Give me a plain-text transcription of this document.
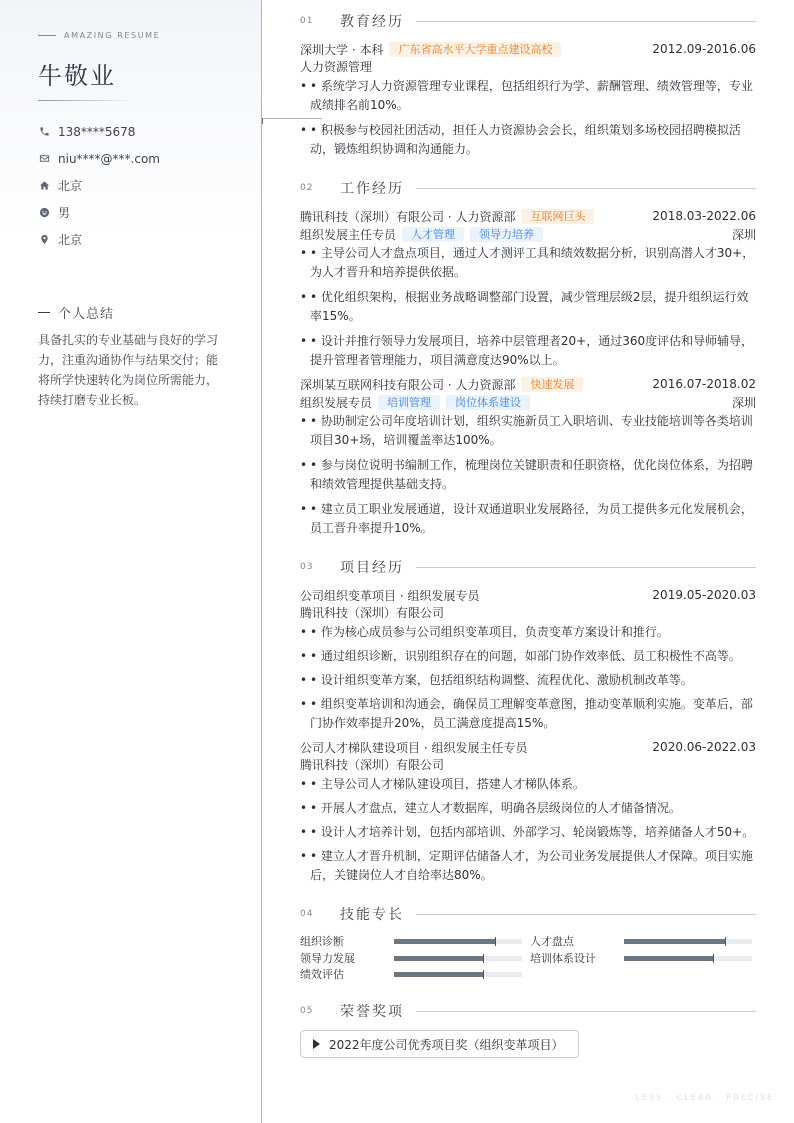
AMAZING RESUME
牛敬业
138****5678
niu****@***.com
北京
男
北京
个人总结
具备扎实的专业基础与良好的学习力，注重沟通协作与结果交付；能将所学快速转化为岗位所需能力，持续打磨专业长板。
01	教育经历
深圳大学 · 本科	广东省高水平大学重点建设高校	2012.09-2016.06
人力资源管理
• • 系统学习人力资源管理专业课程，包括组织行为学、薪酬管理、绩效管理等，专业成绩排名前10%。
• • 积极参与校园社团活动，担任人力资源协会会长，组织策划多场校园招聘模拟活动，锻炼组织协调和沟通能力。
02	工作经历
腾讯科技（深圳）有限公司 · 人力资源部	互联网巨头	2018.03-2022.06
组织发展主任专员	人才管理	领导力培养	深圳
• • 主导公司人才盘点项目，通过人才测评工具和绩效数据分析，识别高潜人才30+，为人才晋升和培养提供依据。
• • 优化组织架构，根据业务战略调整部门设置，减少管理层级2层，提升组织运行效率15%。
• • 设计并推行领导力发展项目，培养中层管理者20+，通过360度评估和导师辅导，提升管理者管理能力，项目满意度达90%以上。
深圳某互联网科技有限公司 · 人力资源部	快速发展	2016.07-2018.02
组织发展专员	培训管理	岗位体系建设	深圳
• • 协助制定公司年度培训计划，组织实施新员工入职培训、专业技能培训等各类培训项目30+场，培训覆盖率达100%。
• • 参与岗位说明书编制工作，梳理岗位关键职责和任职资格，优化岗位体系，为招聘和绩效管理提供基础支持。
• • 建立员工职业发展通道，设计双通道职业发展路径，为员工提供多元化发展机会，员工晋升率提升10%。
03	项目经历
公司组织变革项目 · 组织发展专员	2019.05-2020.03
腾讯科技（深圳）有限公司
• • 作为核心成员参与公司组织变革项目，负责变革方案设计和推行。
• • 通过组织诊断，识别组织存在的问题，如部门协作效率低、员工积极性不高等。
• • 设计组织变革方案，包括组织结构调整、流程优化、激励机制改革等。
• • 组织变革培训和沟通会，确保员工理解变革意图，推动变革顺利实施。变革后，部门协作效率提升20%，员工满意度提高15%。
公司人才梯队建设项目 · 组织发展主任专员	2020.06-2022.03
腾讯科技（深圳）有限公司
• • 主导公司人才梯队建设项目，搭建人才梯队体系。
• • 开展人才盘点，建立人才数据库，明确各层级岗位的人才储备情况。
• • 设计人才培养计划，包括内部培训、外部学习、轮岗锻炼等，培养储备人才50+。
• • 建立人才晋升机制，定期评估储备人才，为公司业务发展提供人才保障。项目实施后，关键岗位人才自给率达80%。
04	技能专长
组织诊断	人才盘点
领导力发展	培训体系设计
绩效评估
05	荣誉奖项
2022年度公司优秀项目奖（组织变革项目）
LESS · CLEAR · PRECISE
